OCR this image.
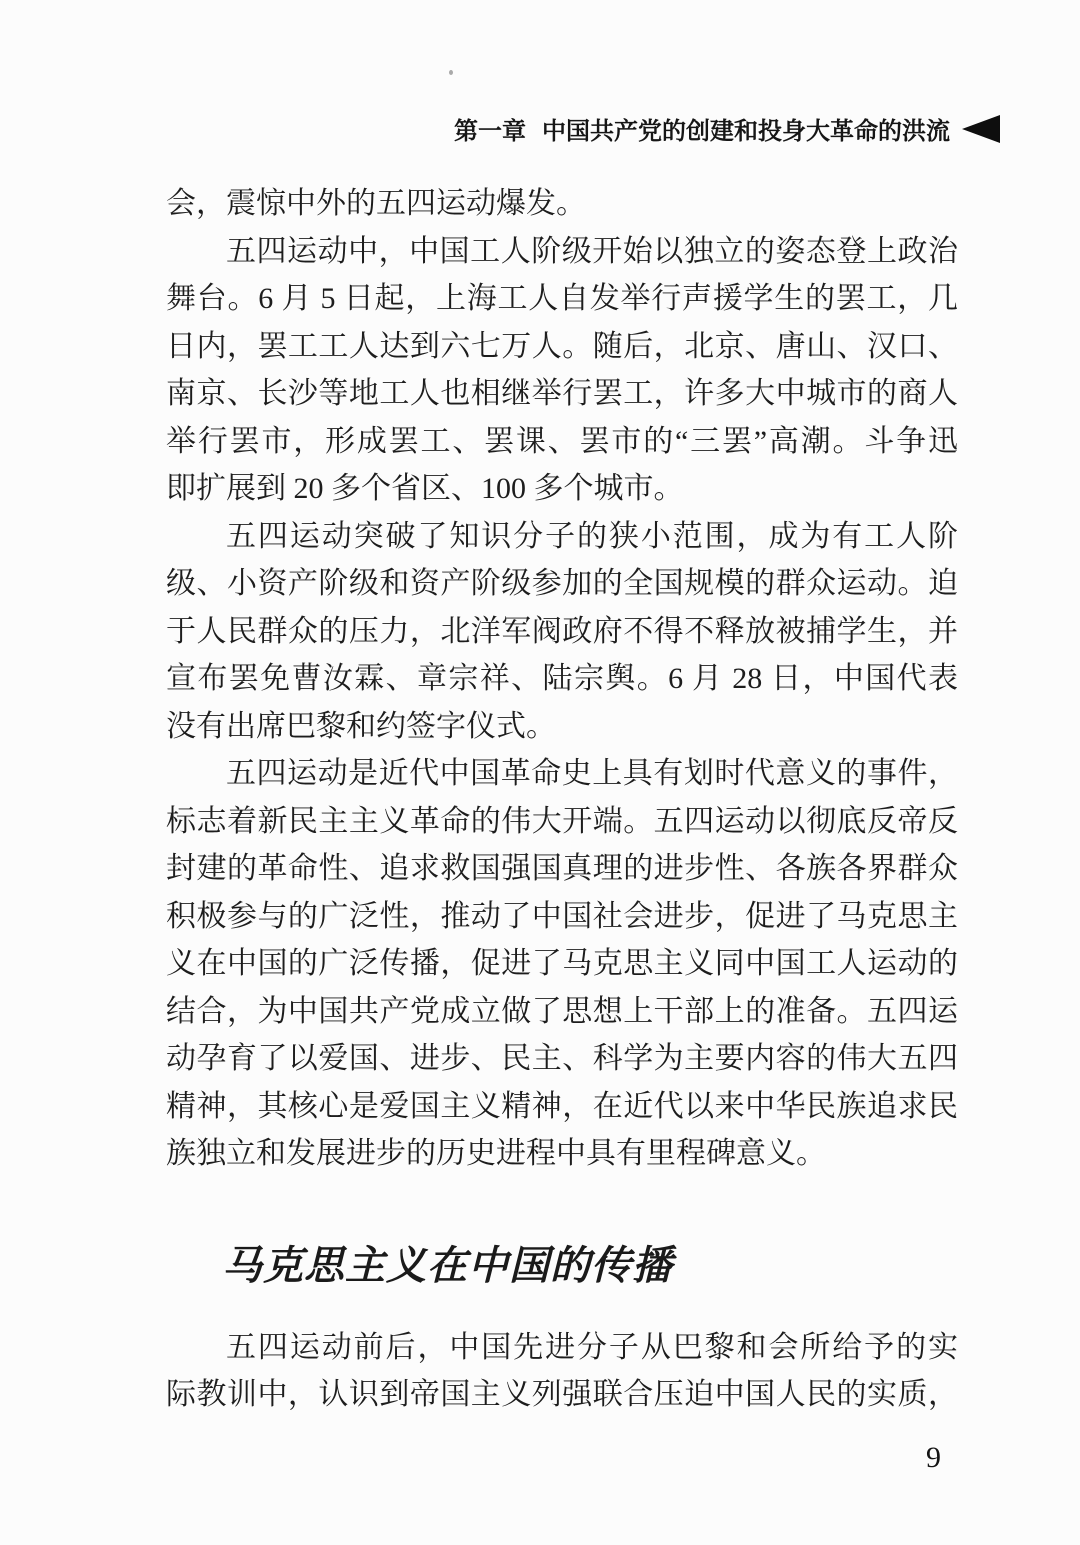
第一章 中国共产党的创建和投身大革命的洪流

会，震惊中外的五四运动爆发。

五四运动中，中国工人阶级开始以独立的姿态登上政治
舞台。6 月 5 日起，上海工人自发举行声援学生的罢工，几
日内，罢工工人达到六七万人。随后，北京、唐山、汉口、
南京、长沙等地工人也相继举行罢工，许多大中城市的商人
举行罢市，形成罢工、罢课、罢市的“三罢”高潮。斗争迅
即扩展到 20 多个省区、100 多个城市。

五四运动突破了知识分子的狭小范围，成为有工人阶
级、小资产阶级和资产阶级参加的全国规模的群众运动。迫
于人民群众的压力，北洋军阀政府不得不释放被捕学生，并
宣布罢免曹汝霖、章宗祥、陆宗舆。6 月 28 日，中国代表
没有出席巴黎和约签字仪式。

五四运动是近代中国革命史上具有划时代意义的事件，
标志着新民主主义革命的伟大开端。五四运动以彻底反帝反
封建的革命性、追求救国强国真理的进步性、各族各界群众
积极参与的广泛性，推动了中国社会进步，促进了马克思主
义在中国的广泛传播，促进了马克思主义同中国工人运动的
结合，为中国共产党成立做了思想上干部上的准备。五四运
动孕育了以爱国、进步、民主、科学为主要内容的伟大五四
精神，其核心是爱国主义精神，在近代以来中华民族追求民
族独立和发展进步的历史进程中具有里程碑意义。

马克思主义在中国的传播

五四运动前后，中国先进分子从巴黎和会所给予的实
际教训中，认识到帝国主义列强联合压迫中国人民的实质，

9
